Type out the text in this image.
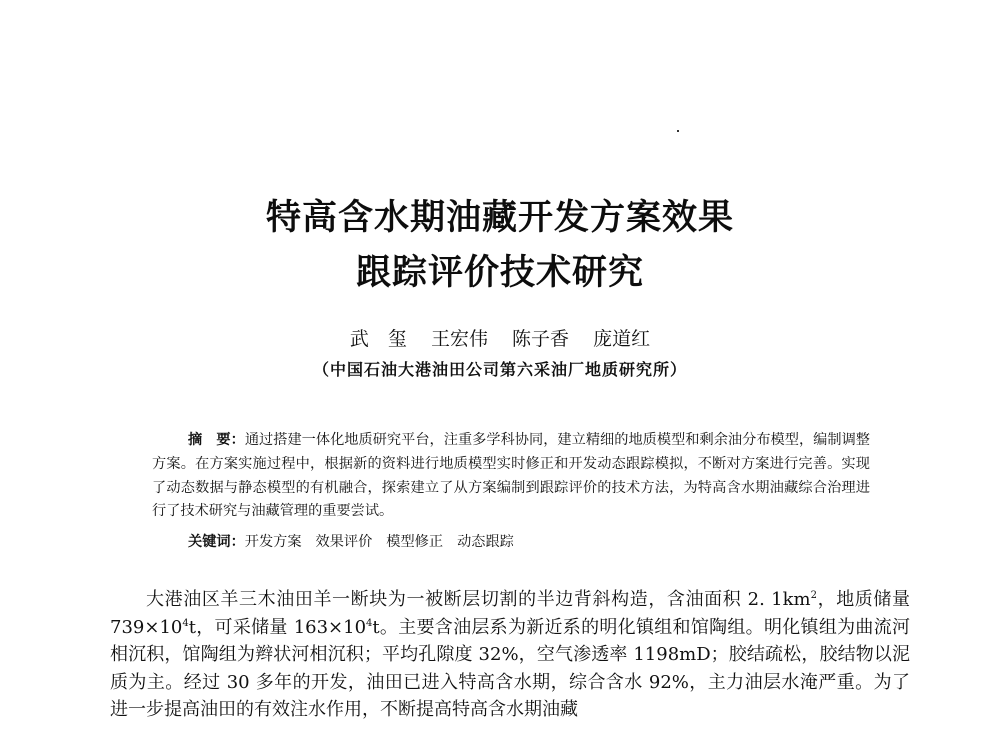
特高含水期油藏开发方案效果
跟踪评价技术研究
武　玺 王宏伟 陈子香 庞道红
（中国石油大港油田公司第六采油厂地质研究所）
摘　要：通过搭建一体化地质研究平台，注重多学科协同，建立精细的地质模型和剩余油分布模型，编制调整方案。在方案实施过程中，根据新的资料进行地质模型实时修正和开发动态跟踪模拟，不断对方案进行完善。实现了动态数据与静态模型的有机融合，探索建立了从方案编制到跟踪评价的技术方法，为特高含水期油藏综合治理进行了技术研究与油藏管理的重要尝试。
关键词：开发方案 效果评价 模型修正 动态跟踪

大港油区羊三木油田羊一断块为一被断层切割的半边背斜构造，含油面积 2. $1km^2$，地质储量 $739\times 10^4t$，可采储量 $163\times 10^4t$。主要含油层系为新近系的明化镇组和馆陶组。明化镇组为曲流河相沉积，馆陶组为辫状河相沉积；平均孔隙度 32%，空气渗透率 1198mD；胶结疏松，胶结物以泥质为主。经过 30 多年的开发，油田已进入特高含水期，综合含水 92%，主力油层水淹严重。为了进一步提高油田的有效注水作用，不断提高特高含水期油藏
